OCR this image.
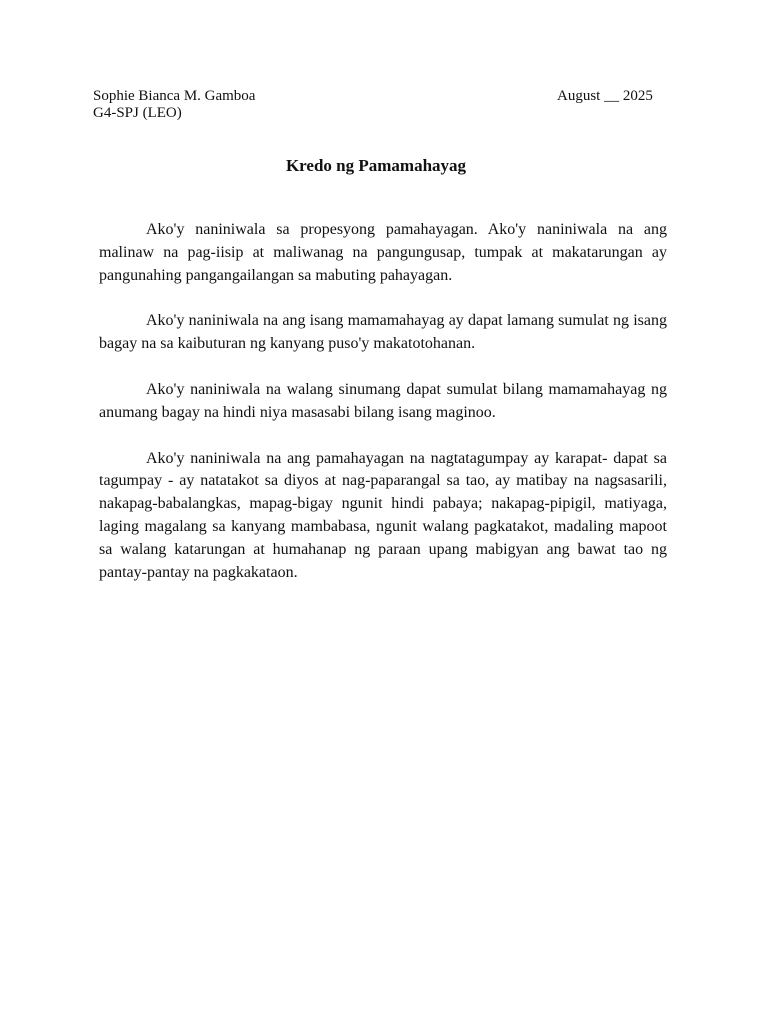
Sophie Bianca M. Gamboa
G4-SPJ (LEO)
August __ 2025
Kredo ng Pamamahayag

Ako'y naniniwala sa propesyong pamahayagan. Ako'y naniniwala na ang malinaw na pag-iisip at maliwanag na pangungusap, tumpak at makatarungan ay pangunahing pangangailangan sa mabuting pahayagan.

Ako'y naniniwala na ang isang mamamahayag ay dapat lamang sumulat ng isang bagay na sa kaibuturan ng kanyang puso'y makatotohanan.

Ako'y naniniwala na walang sinumang dapat sumulat bilang mamamahayag ng anumang bagay na hindi niya masasabi bilang isang maginoo.

Ako'y naniniwala na ang pamahayagan na nagtatagumpay ay karapat- dapat sa tagumpay - ay natatakot sa diyos at nag-paparangal sa tao, ay matibay na nagsasarili, nakapag-babalangkas, mapag-bigay ngunit hindi pabaya; nakapag-pipigil, matiyaga, laging magalang sa kanyang mambabasa, ngunit walang pagkatakot, madaling mapoot sa walang katarungan at humahanap ng paraan upang mabigyan ang bawat tao ng pantay-pantay na pagkakataon.
